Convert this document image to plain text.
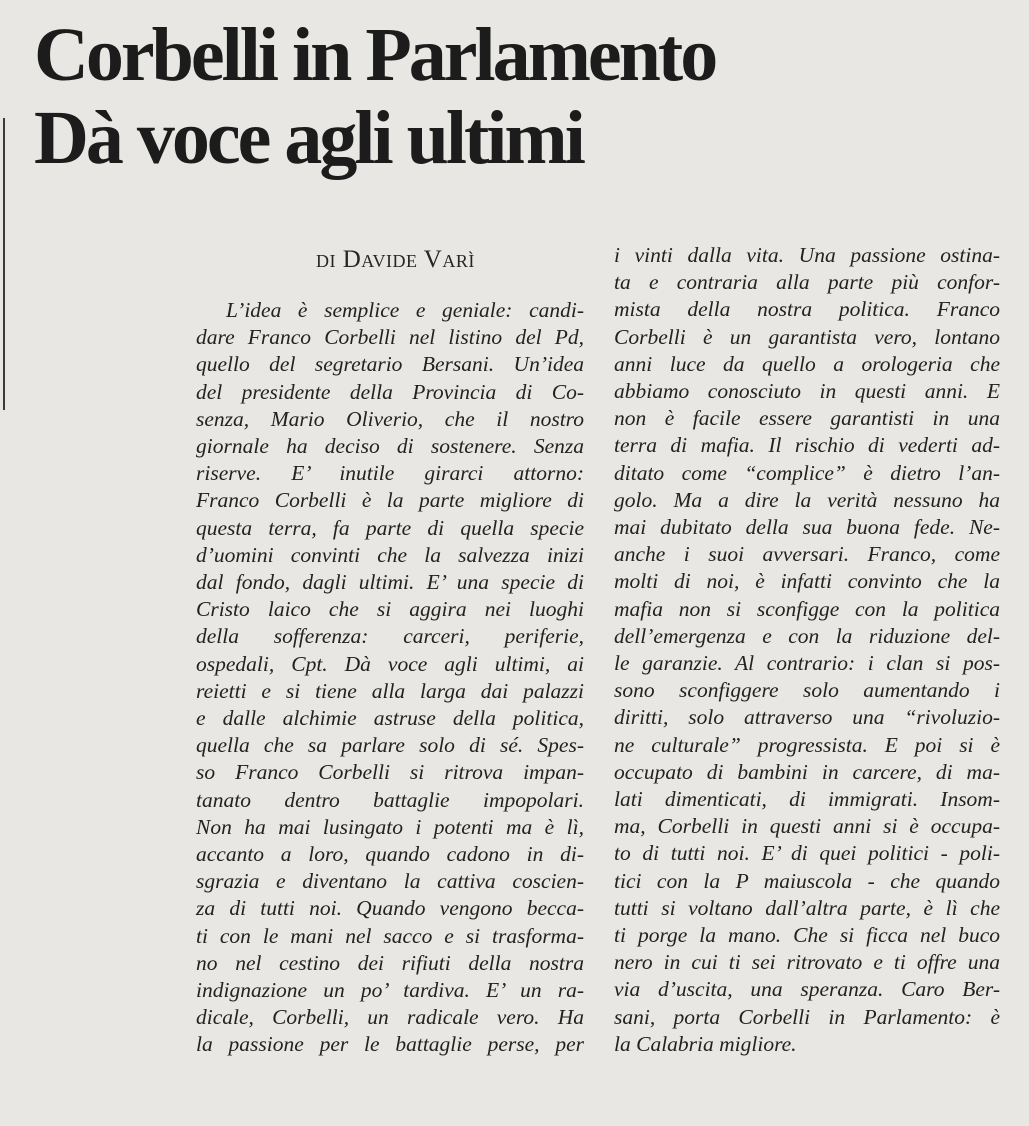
Corbelli in Parlamento
Dà voce agli ultimi
di Davide Varì
L’idea è semplice e geniale: candi-
dare Franco Corbelli nel listino del Pd,
quello del segretario Bersani. Un’idea
del presidente della Provincia di Co-
senza, Mario Oliverio, che il nostro
giornale ha deciso di sostenere. Senza
riserve. E’ inutile girarci attorno:
Franco Corbelli è la parte migliore di
questa terra, fa parte di quella specie
d’uomini convinti che la salvezza inizi
dal fondo, dagli ultimi. E’ una specie di
Cristo laico che si aggira nei luoghi
della sofferenza: carceri, periferie,
ospedali, Cpt. Dà voce agli ultimi, ai
reietti e si tiene alla larga dai palazzi
e dalle alchimie astruse della politica,
quella che sa parlare solo di sé. Spes-
so Franco Corbelli si ritrova impan-
tanato dentro battaglie impopolari.
Non ha mai lusingato i potenti ma è lì,
accanto a loro, quando cadono in di-
sgrazia e diventano la cattiva coscien-
za di tutti noi. Quando vengono becca-
ti con le mani nel sacco e si trasforma-
no nel cestino dei rifiuti della nostra
indignazione un po’ tardiva. E’ un ra-
dicale, Corbelli, un radicale vero. Ha
la passione per le battaglie perse, per
i vinti dalla vita. Una passione ostina-
ta e contraria alla parte più confor-
mista della nostra politica. Franco
Corbelli è un garantista vero, lontano
anni luce da quello a orologeria che
abbiamo conosciuto in questi anni. E
non è facile essere garantisti in una
terra di mafia. Il rischio di vederti ad-
ditato come “complice” è dietro l’an-
golo. Ma a dire la verità nessuno ha
mai dubitato della sua buona fede. Ne-
anche i suoi avversari. Franco, come
molti di noi, è infatti convinto che la
mafia non si sconfigge con la politica
dell’emergenza e con la riduzione del-
le garanzie. Al contrario: i clan si pos-
sono sconfiggere solo aumentando i
diritti, solo attraverso una “rivoluzio-
ne culturale” progressista. E poi si è
occupato di bambini in carcere, di ma-
lati dimenticati, di immigrati. Insom-
ma, Corbelli in questi anni si è occupa-
to di tutti noi. E’ di quei politici - poli-
tici con la P maiuscola - che quando
tutti si voltano dall’altra parte, è lì che
ti porge la mano. Che si ficca nel buco
nero in cui ti sei ritrovato e ti offre una
via d’uscita, una speranza. Caro Ber-
sani, porta Corbelli in Parlamento: è
la Calabria migliore.
